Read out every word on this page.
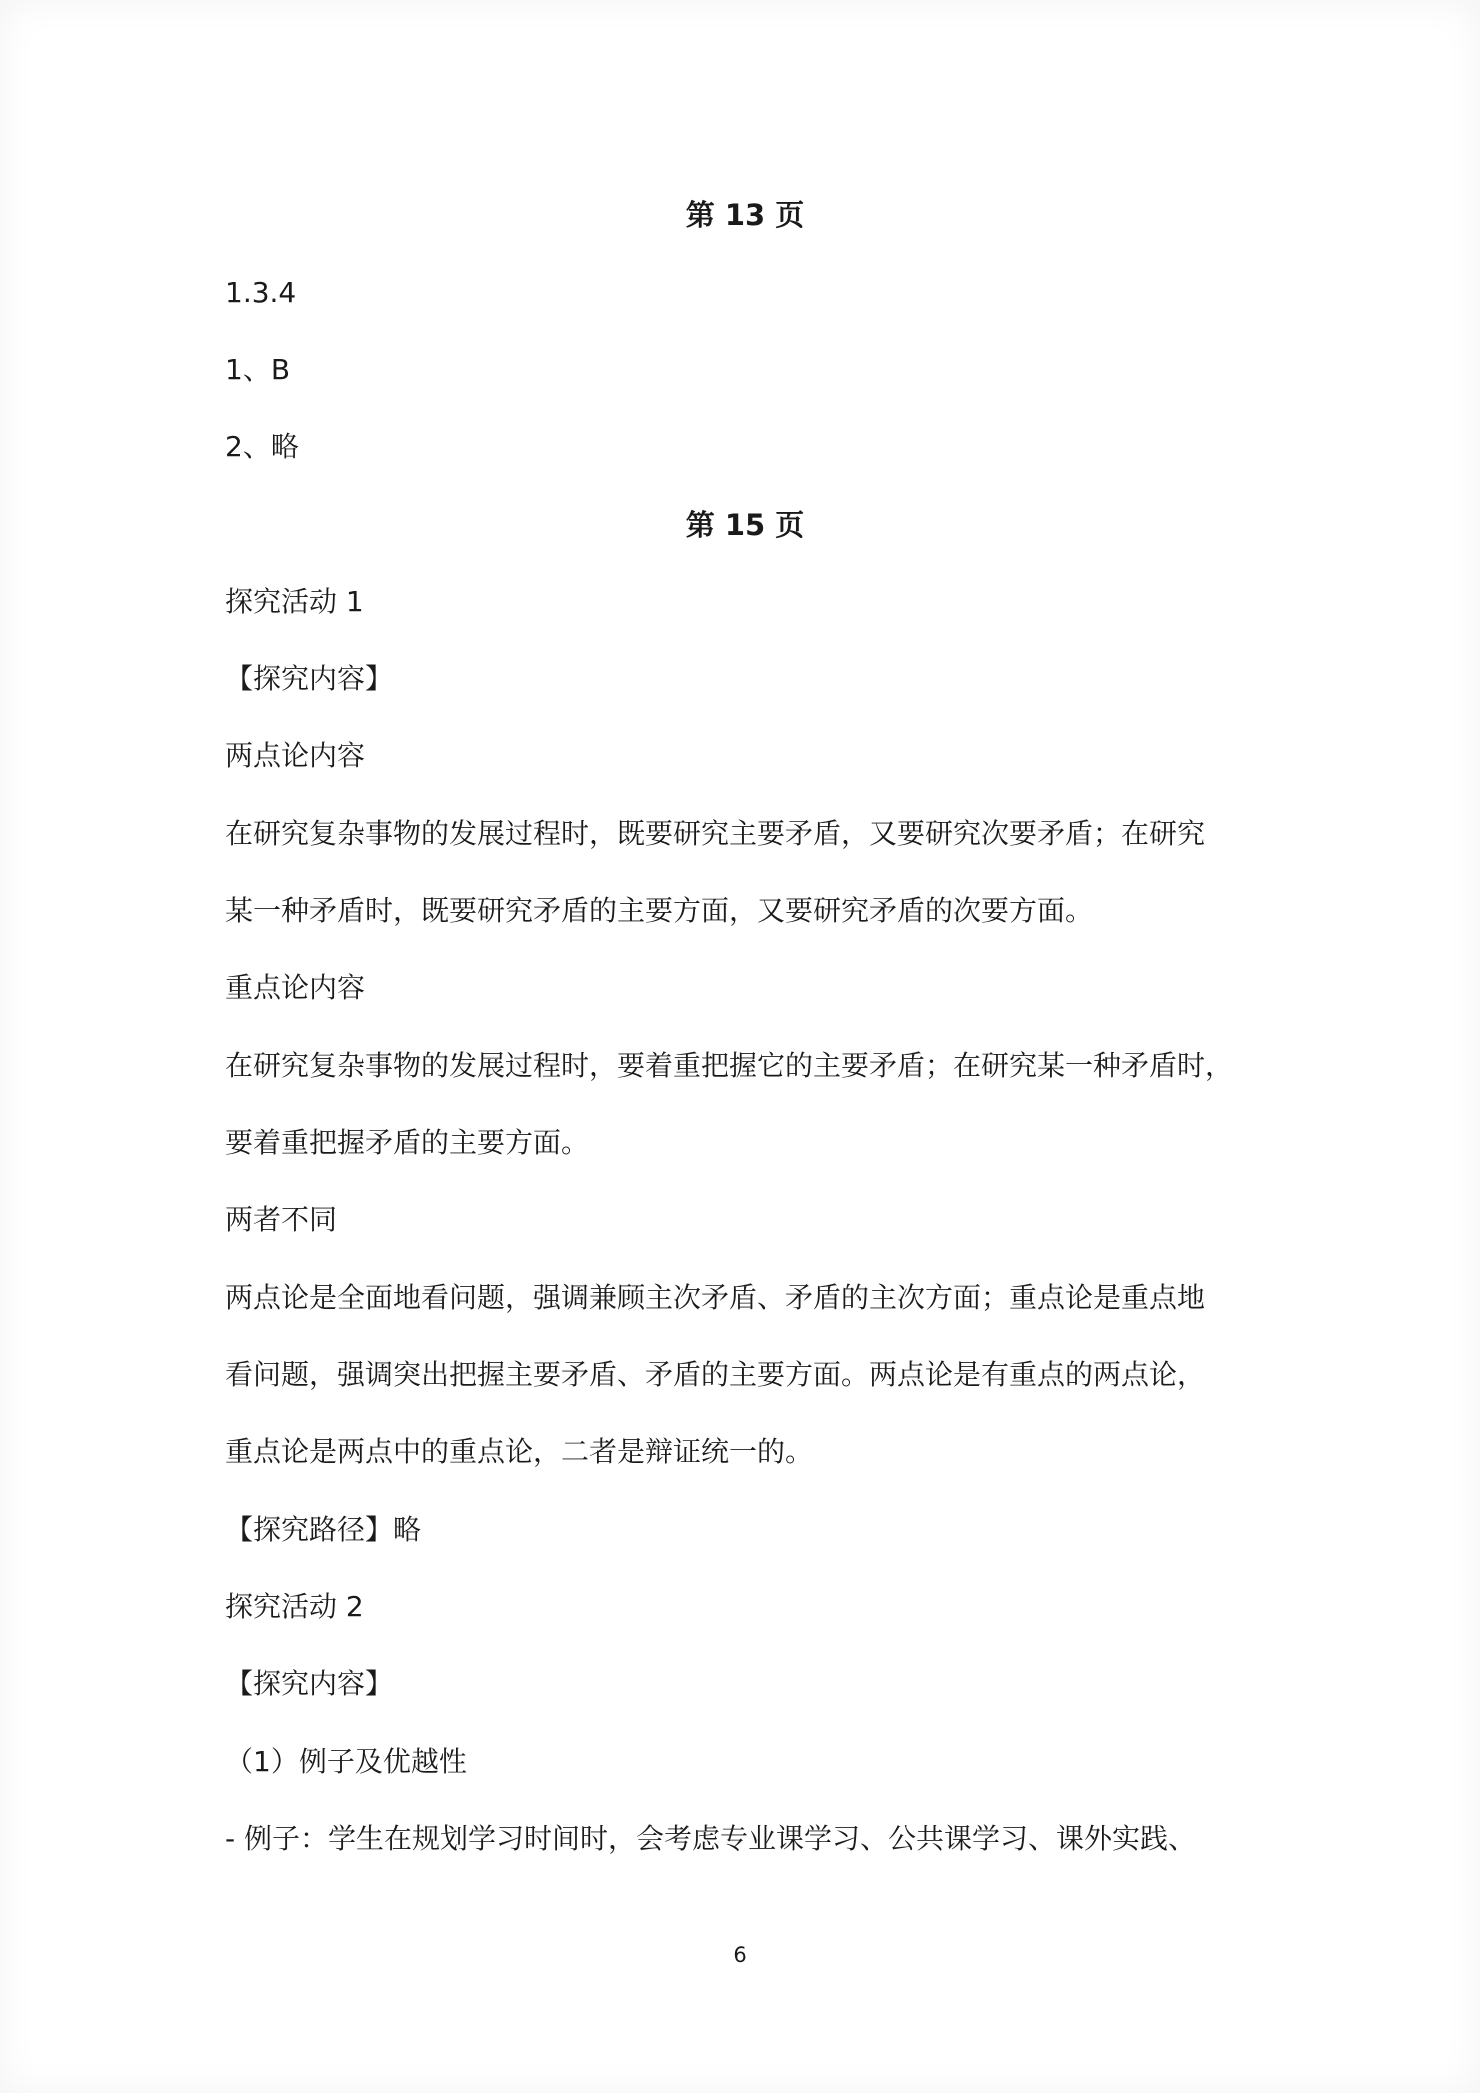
第 13 页

1.3.4

1、B

2、略

第 15 页

探究活动 1

【探究内容】

两点论内容

在研究复杂事物的发展过程时，既要研究主要矛盾，又要研究次要矛盾；在研究

某一种矛盾时，既要研究矛盾的主要方面，又要研究矛盾的次要方面。

重点论内容

在研究复杂事物的发展过程时，要着重把握它的主要矛盾；在研究某一种矛盾时，

要着重把握矛盾的主要方面。

两者不同

两点论是全面地看问题，强调兼顾主次矛盾、矛盾的主次方面；重点论是重点地

看问题，强调突出把握主要矛盾、矛盾的主要方面。两点论是有重点的两点论，

重点论是两点中的重点论，二者是辩证统一的。

【探究路径】略

探究活动 2

【探究内容】

（1）例子及优越性

- 例子：学生在规划学习时间时，会考虑专业课学习、公共课学习、课外实践、

6
